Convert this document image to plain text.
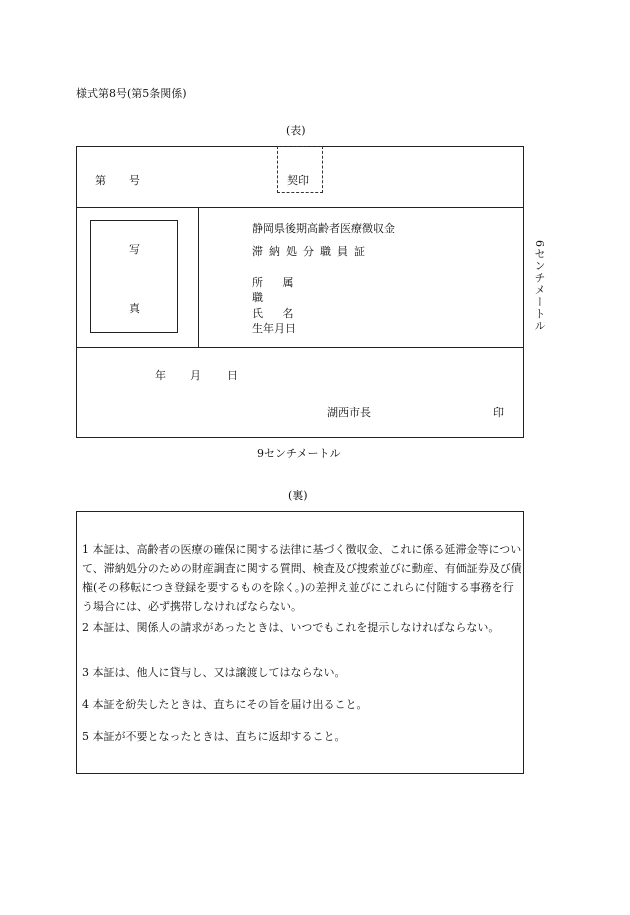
様式第8号(第5条関係)
(表)
第 号	契印
写
真
静岡県後期高齢者医療徴収金
滞納処分職員証
所 属
職
氏 名
生年月日
年 月 日
湖西市長	印
6センチメートル
9センチメートル
(裏)
1 本証は、高齢者の医療の確保に関する法律に基づく徴収金、これに係る延滞金等について、滞納処分のための財産調査に関する質問、検査及び捜索並びに動産、有価証券及び債権(その移転につき登録を要するものを除く。)の差押え並びにこれらに付随する事務を行う場合には、必ず携帯しなければならない。
2 本証は、関係人の請求があったときは、いつでもこれを提示しなければならない。
3 本証は、他人に貸与し、又は譲渡してはならない。
4 本証を紛失したときは、直ちにその旨を届け出ること。
5 本証が不要となったときは、直ちに返却すること。
